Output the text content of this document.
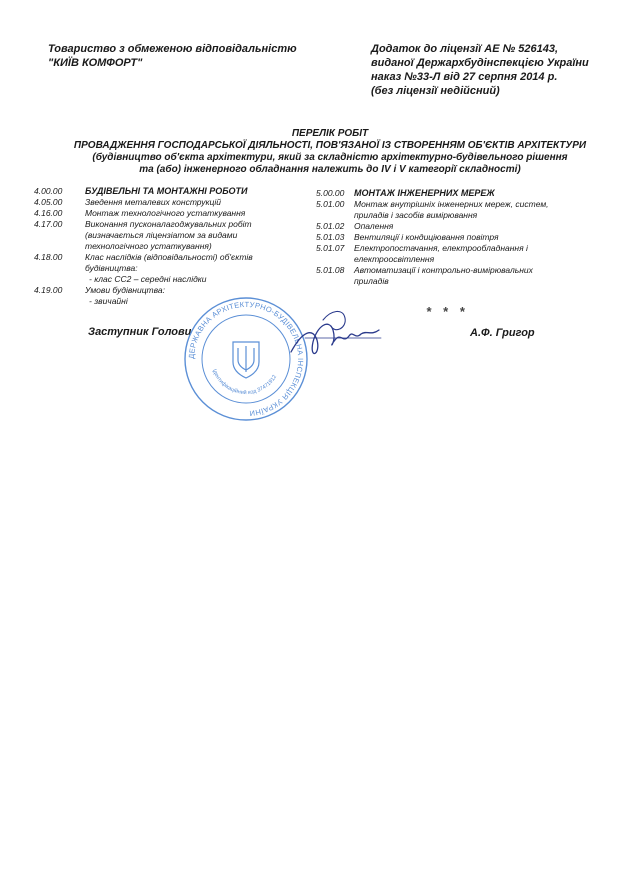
Товариство з обмеженою відповідальністю
"КИЇВ КОМФОРТ"
Додаток до ліцензії АЕ № 526143,
виданої Держархбудінспекцією України
наказ №33-Л від 27 серпня 2014 р.
(без ліцензії недійсний)
ПЕРЕЛІК РОБІТ
ПРОВАДЖЕННЯ ГОСПОДАРСЬКОЇ ДІЯЛЬНОСТІ, ПОВ'ЯЗАНОЇ ІЗ СТВОРЕННЯМ ОБ'ЄКТІВ АРХІТЕКТУРИ
(будівництво об'єкта архітектури, який за складністю архітектурно-будівельного рішення
та (або) інженерного обладнання належить до IV і V категорії складності)
4.00.00	БУДІВЕЛЬНІ ТА МОНТАЖНІ РОБОТИ
4.05.00	Зведення металевих конструкцій
4.16.00	Монтаж технологічного устаткування
4.17.00	Виконання пусконалагоджувальних робіт
(визначається ліцензіатом за видами
технологічного устаткування)
4.18.00	Клас наслідків (відповідальності) об'єктів
будівництва:
- клас СС2 – середні наслідки
4.19.00	Умови будівництва:
- звичайні
5.00.00 МОНТАЖ ІНЖЕНЕРНИХ МЕРЕЖ
5.01.00 Монтаж внутрішніх інженерних мереж, систем,
приладів і засобів вимірювання
5.01.02 Опалення
5.01.03 Вентиляції і кондиціювання повітря
5.01.07 Електропостачання, електрообладнання і
електроосвітлення
5.01.08 Автоматизації і контрольно-вимірювальних
приладів
* * *
Заступник Голови	А.Ф. Григор
ДЕРЖАВНА АРХІТЕКТУРНО-БУДІВЕЛЬНА ІНСПЕКЦІЯ УКРАЇНИ
Ідентифікаційний код 37471912
